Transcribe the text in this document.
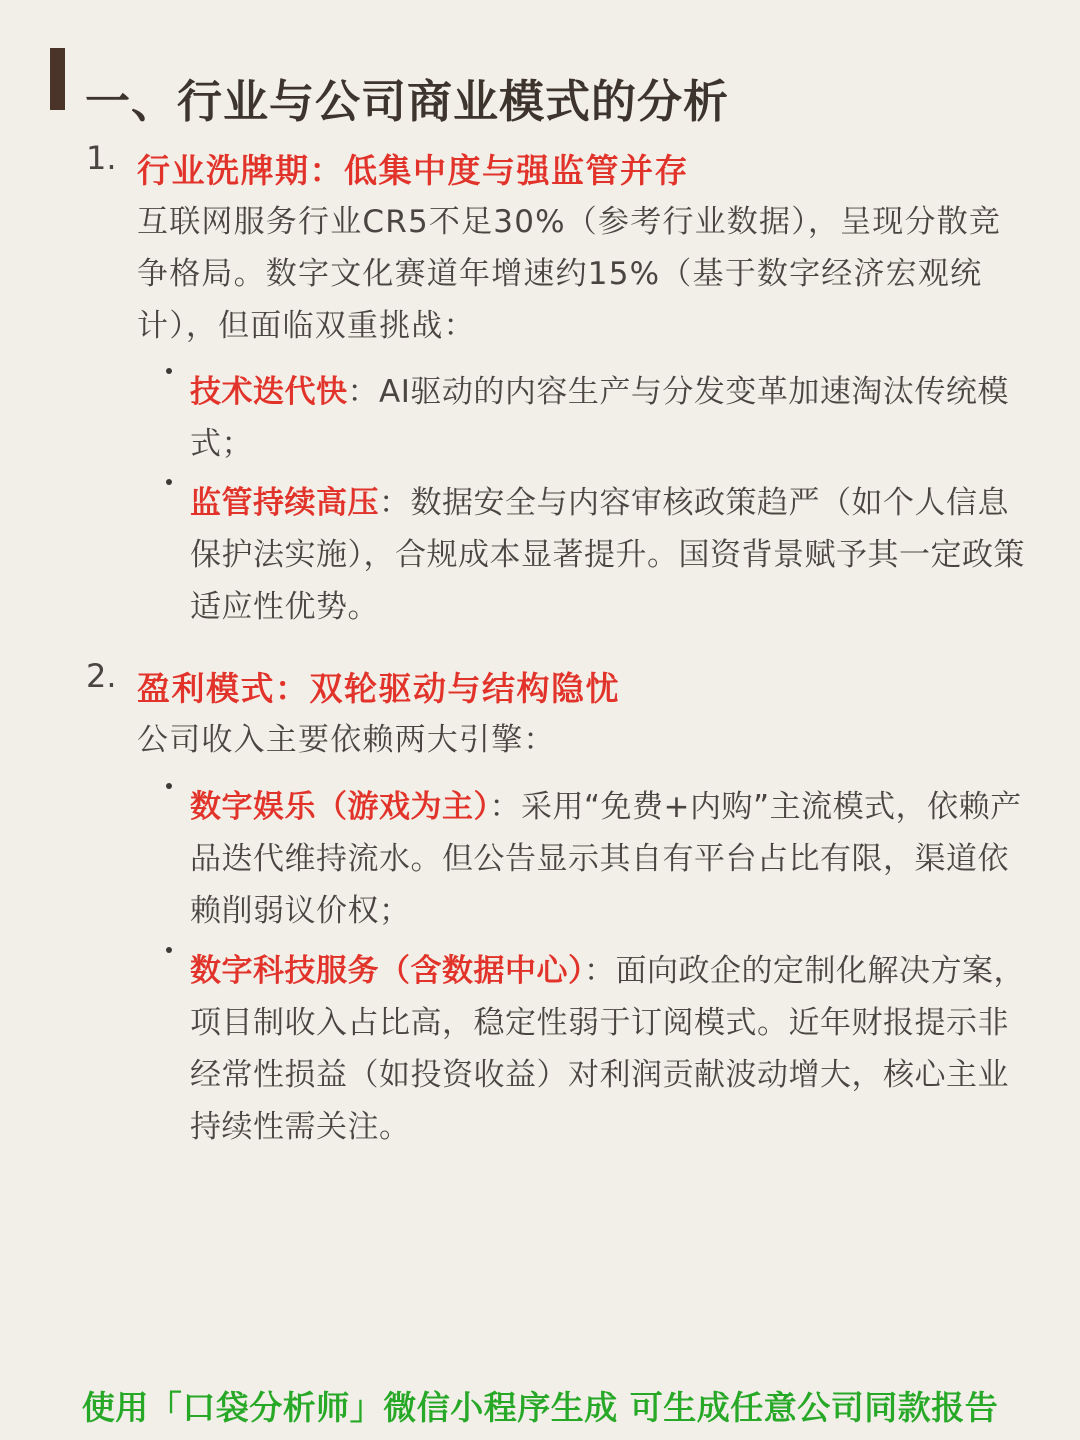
一、行业与公司商业模式的分析
1. 行业洗牌期：低集中度与强监管并存

互联网服务行业CR5不足30%（参考行业数据），呈现分散竞争格局。数字文化赛道年增速约15%（基于数字经济宏观统计），但面临双重挑战：

技术迭代快：AI驱动的内容生产与分发变革加速淘汰传统模式；

监管持续高压：数据安全与内容审核政策趋严（如个人信息保护法实施），合规成本显著提升。国资背景赋予其一定政策适应性优势。

2. 盈利模式：双轮驱动与结构隐忧

公司收入主要依赖两大引擎：

数字娱乐（游戏为主）：采用“免费+内购”主流模式，依赖产品迭代维持流水。但公告显示其自有平台占比有限，渠道依赖削弱议价权；

数字科技服务（含数据中心）：面向政企的定制化解决方案，项目制收入占比高，稳定性弱于订阅模式。近年财报提示非经常性损益（如投资收益）对利润贡献波动增大，核心主业持续性需关注。

使用「口袋分析师」微信小程序生成 可生成任意公司同款报告
